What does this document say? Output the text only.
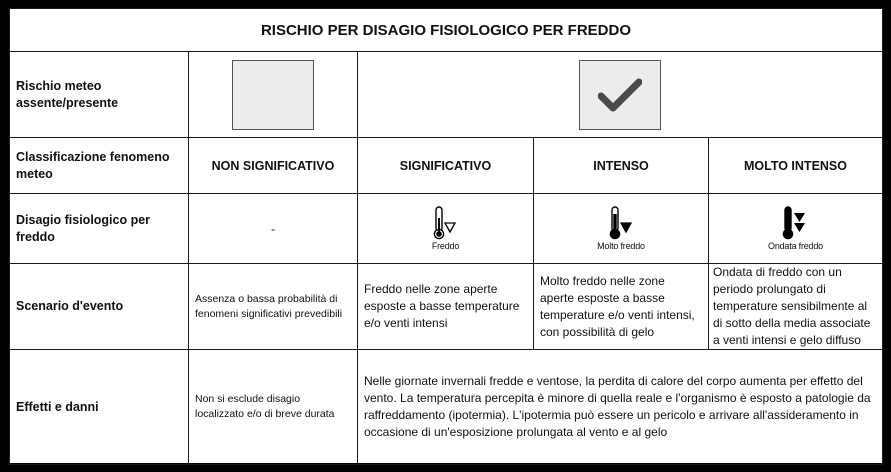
RISCHIO PER DISAGIO FISIOLOGICO PER FREDDO				
Rischio meteo assente/presente	

Classificazione fenomeno meteo	NON SIGNIFICATIVO	SIGNIFICATIVO	INTENSO	MOLTO INTENSO
Disagio fisiologico per freddo	-	Freddo	Molto freddo	Ondata freddo

Scenario d'evento	Assenza o bassa probabilità di fenomeni significativi prevedibili	Freddo nelle zone aperte esposte a basse temperature e/o venti intensi	Molto freddo nelle zone aperte esposte a basse temperature e/o venti intensi, con possibilità di gelo	Ondata di freddo con un periodo prolungato di temperature sensibilmente al di sotto della media associate a venti intensi e gelo diffuso
Effetti e danni	Non si esclude disagio localizzato e/o di breve durata	Nelle giornate invernali fredde e ventose, la perdita di calore del corpo aumenta per effetto del vento. La temperatura percepita è minore di quella reale e l'organismo è esposto a patologie da raffreddamento (ipotermia). L'ipotermia può essere un pericolo e arrivare all'assideramento in occasione di un'esposizione prolungata al vento e al gelo		
